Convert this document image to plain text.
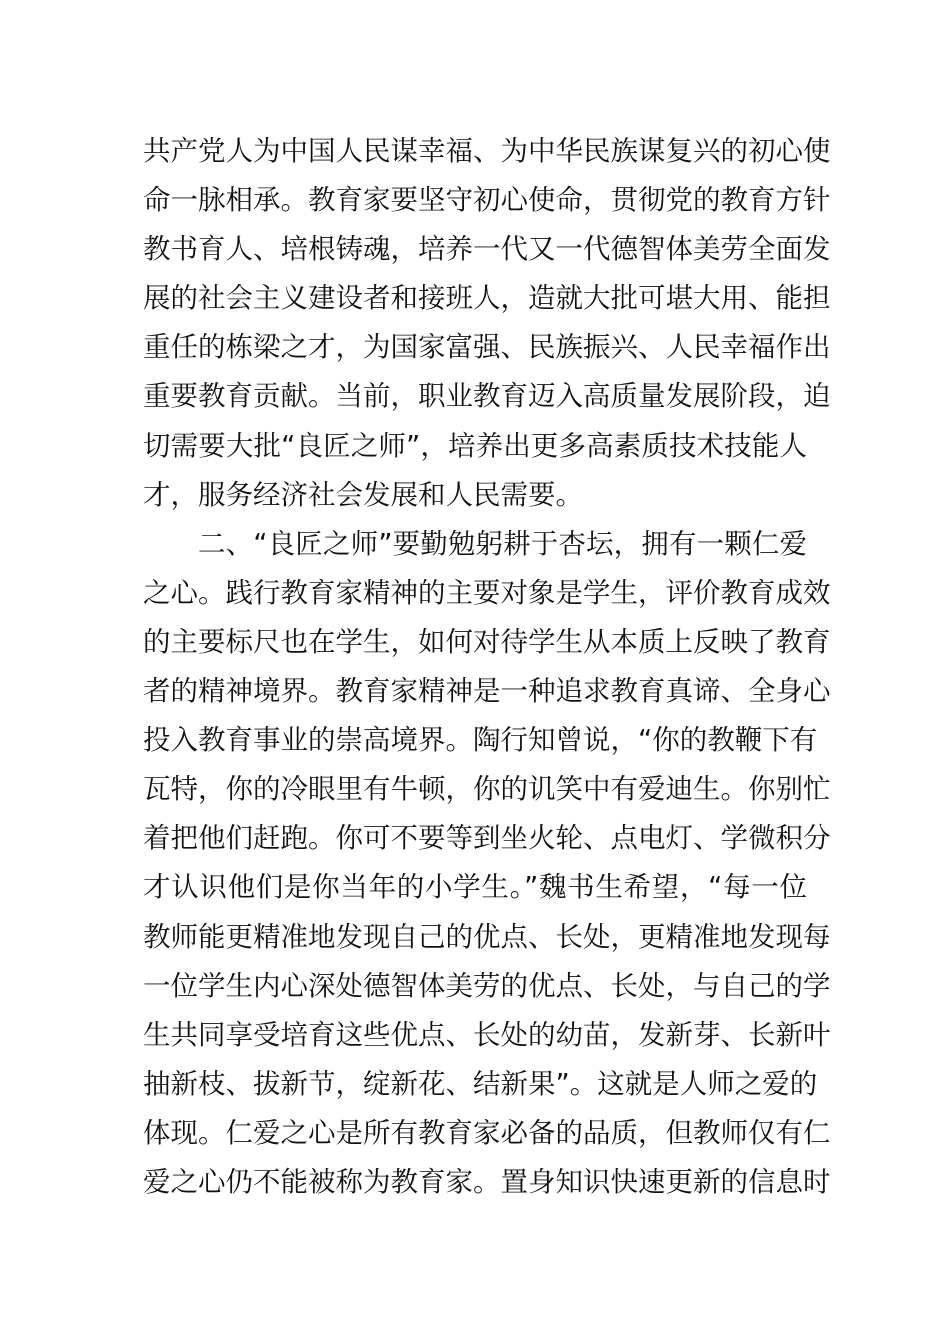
共产党人为中国人民谋幸福、为中华民族谋复兴的初心使
命一脉相承。教育家要坚守初心使命，贯彻党的教育方针
教书育人、培根铸魂，培养一代又一代德智体美劳全面发
展的社会主义建设者和接班人，造就大批可堪大用、能担
重任的栋梁之才，为国家富强、民族振兴、人民幸福作出
重要教育贡献。当前，职业教育迈入高质量发展阶段，迫
切需要大批“良匠之师”，培养出更多高素质技术技能人
才，服务经济社会发展和人民需要。
二、“良匠之师”要勤勉躬耕于杏坛，拥有一颗仁爱
之心。践行教育家精神的主要对象是学生，评价教育成效
的主要标尺也在学生，如何对待学生从本质上反映了教育
者的精神境界。教育家精神是一种追求教育真谛、全身心
投入教育事业的崇高境界。陶行知曾说，“你的教鞭下有
瓦特，你的冷眼里有牛顿，你的讥笑中有爱迪生。你别忙
着把他们赶跑。你可不要等到坐火轮、点电灯、学微积分
才认识他们是你当年的小学生。”魏书生希望，“每一位
教师能更精准地发现自己的优点、长处，更精准地发现每
一位学生内心深处德智体美劳的优点、长处，与自己的学
生共同享受培育这些优点、长处的幼苗，发新芽、长新叶
抽新枝、拔新节，绽新花、结新果”。这就是人师之爱的
体现。仁爱之心是所有教育家必备的品质，但教师仅有仁
爱之心仍不能被称为教育家。置身知识快速更新的信息时
